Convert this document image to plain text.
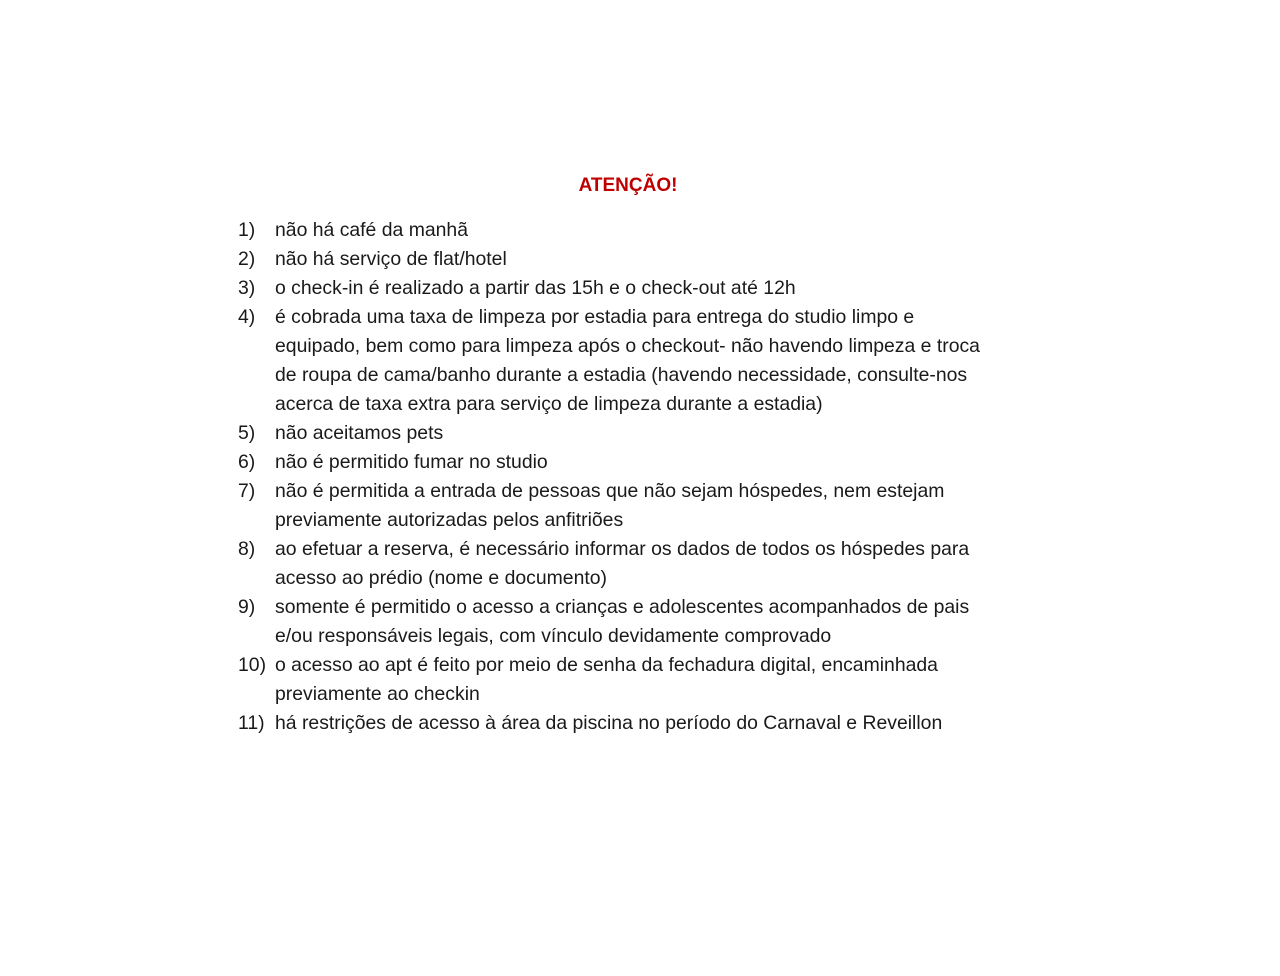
ATENÇÃO!
1)	não há café da manhã
2)	não há serviço de flat/hotel
3)	o check-in é realizado a partir das 15h e o check-out até 12h
4)	é cobrada uma taxa de limpeza por estadia para entrega do studio limpo e
equipado, bem como para limpeza após o checkout- não havendo limpeza e troca
de roupa de cama/banho durante a estadia (havendo necessidade, consulte-nos
acerca de taxa extra para serviço de limpeza durante a estadia)
5)	não aceitamos pets
6)	não é permitido fumar no studio
7)	não é permitida a entrada de pessoas que não sejam hóspedes, nem estejam
previamente autorizadas pelos anfitriões
8)	ao efetuar a reserva, é necessário informar os dados de todos os hóspedes para
acesso ao prédio (nome e documento)
9)	somente é permitido o acesso a crianças e adolescentes acompanhados de pais
e/ou responsáveis legais, com vínculo devidamente comprovado
10) o acesso ao apt é feito por meio de senha da fechadura digital, encaminhada
previamente ao checkin
11) há restrições de acesso à área da piscina no período do Carnaval e Reveillon
